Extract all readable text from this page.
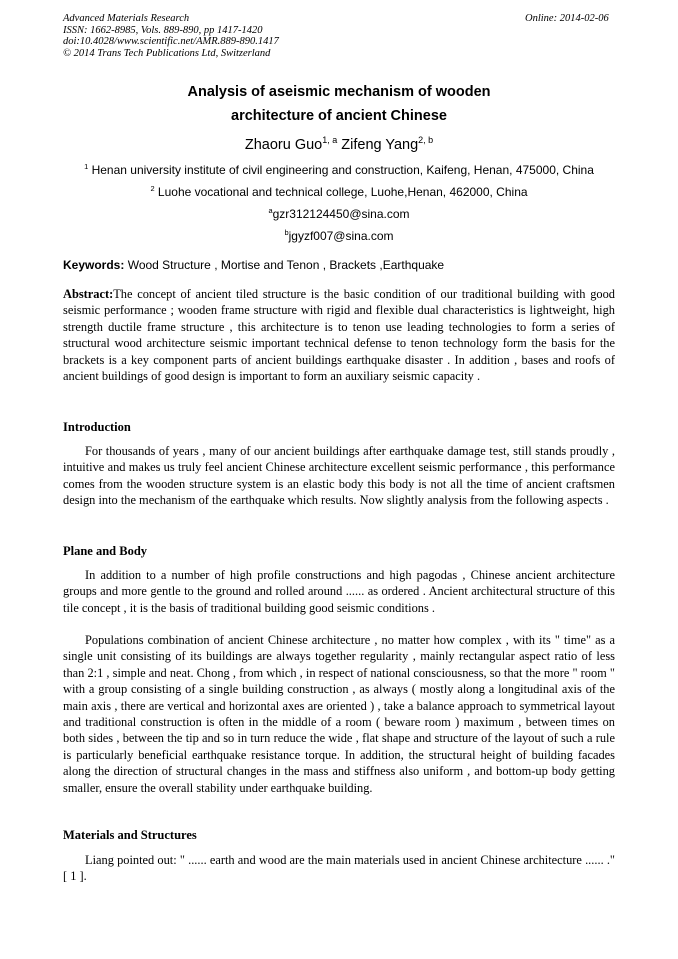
Advanced Materials Research
ISSN: 1662-8985, Vols. 889-890, pp 1417-1420
doi:10.4028/www.scientific.net/AMR.889-890.1417
© 2014 Trans Tech Publications Ltd, Switzerland
Online: 2014-02-06
Analysis of aseismic mechanism of wooden
architecture of ancient Chinese
Zhaoru Guo$^{1, a}$ Zifeng Yang$^{2, b}$
$^1$ Henan university institute of civil engineering and construction, Kaifeng, Henan, 475000, China
$^2$ Luohe vocational and technical college, Luohe,Henan, 462000, China
$^a$gzr312124450@sina.com
$^b$jgyzf007@sina.com
Keywords: Wood Structure , Mortise and Tenon , Brackets ,Earthquake
Abstract:The concept of ancient tiled structure is the basic condition of our traditional building with good seismic performance ; wooden frame structure with rigid and flexible dual characteristics is lightweight, high strength ductile frame structure , this architecture is to tenon use leading technologies to form a series of structural wood architecture seismic important technical defense to tenon technology form the basis for the brackets is a key component parts of ancient buildings earthquake disaster . In addition , bases and roofs of ancient buildings of good design is important to form an auxiliary seismic capacity .
Introduction
For thousands of years , many of our ancient buildings after earthquake damage test, still stands proudly , intuitive and makes us truly feel ancient Chinese architecture excellent seismic performance , this performance comes from the wooden structure system is an elastic body this body is not all the time of ancient craftsmen design into the mechanism of the earthquake which results. Now slightly analysis from the following aspects .
Plane and Body
In addition to a number of high profile constructions and high pagodas , Chinese ancient architecture groups and more gentle to the ground and rolled around ...... as ordered . Ancient architectural structure of this tile concept , it is the basis of traditional building good seismic conditions .
Populations combination of ancient Chinese architecture , no matter how complex , with its " time" as a single unit consisting of its buildings are always together regularity , mainly rectangular aspect ratio of less than 2:1 , simple and neat. Chong , from which , in respect of national consciousness, so that the more " room " with a group consisting of a single building construction , as always ( mostly along a longitudinal axis of the main axis , there are vertical and horizontal axes are oriented ) , take a balance approach to symmetrical layout and traditional construction is often in the middle of a room ( beware room ) maximum , between times on both sides , between the tip and so in turn reduce the wide , flat shape and structure of the layout of such a rule is particularly beneficial earthquake resistance torque. In addition, the structural height of building facades along the direction of structural changes in the mass and stiffness also uniform , and bottom-up body getting smaller, ensure the overall stability under earthquake building.
Materials and Structures
Liang pointed out: " ...... earth and wood are the main materials used in ancient Chinese architecture ...... ." [ 1 ].
